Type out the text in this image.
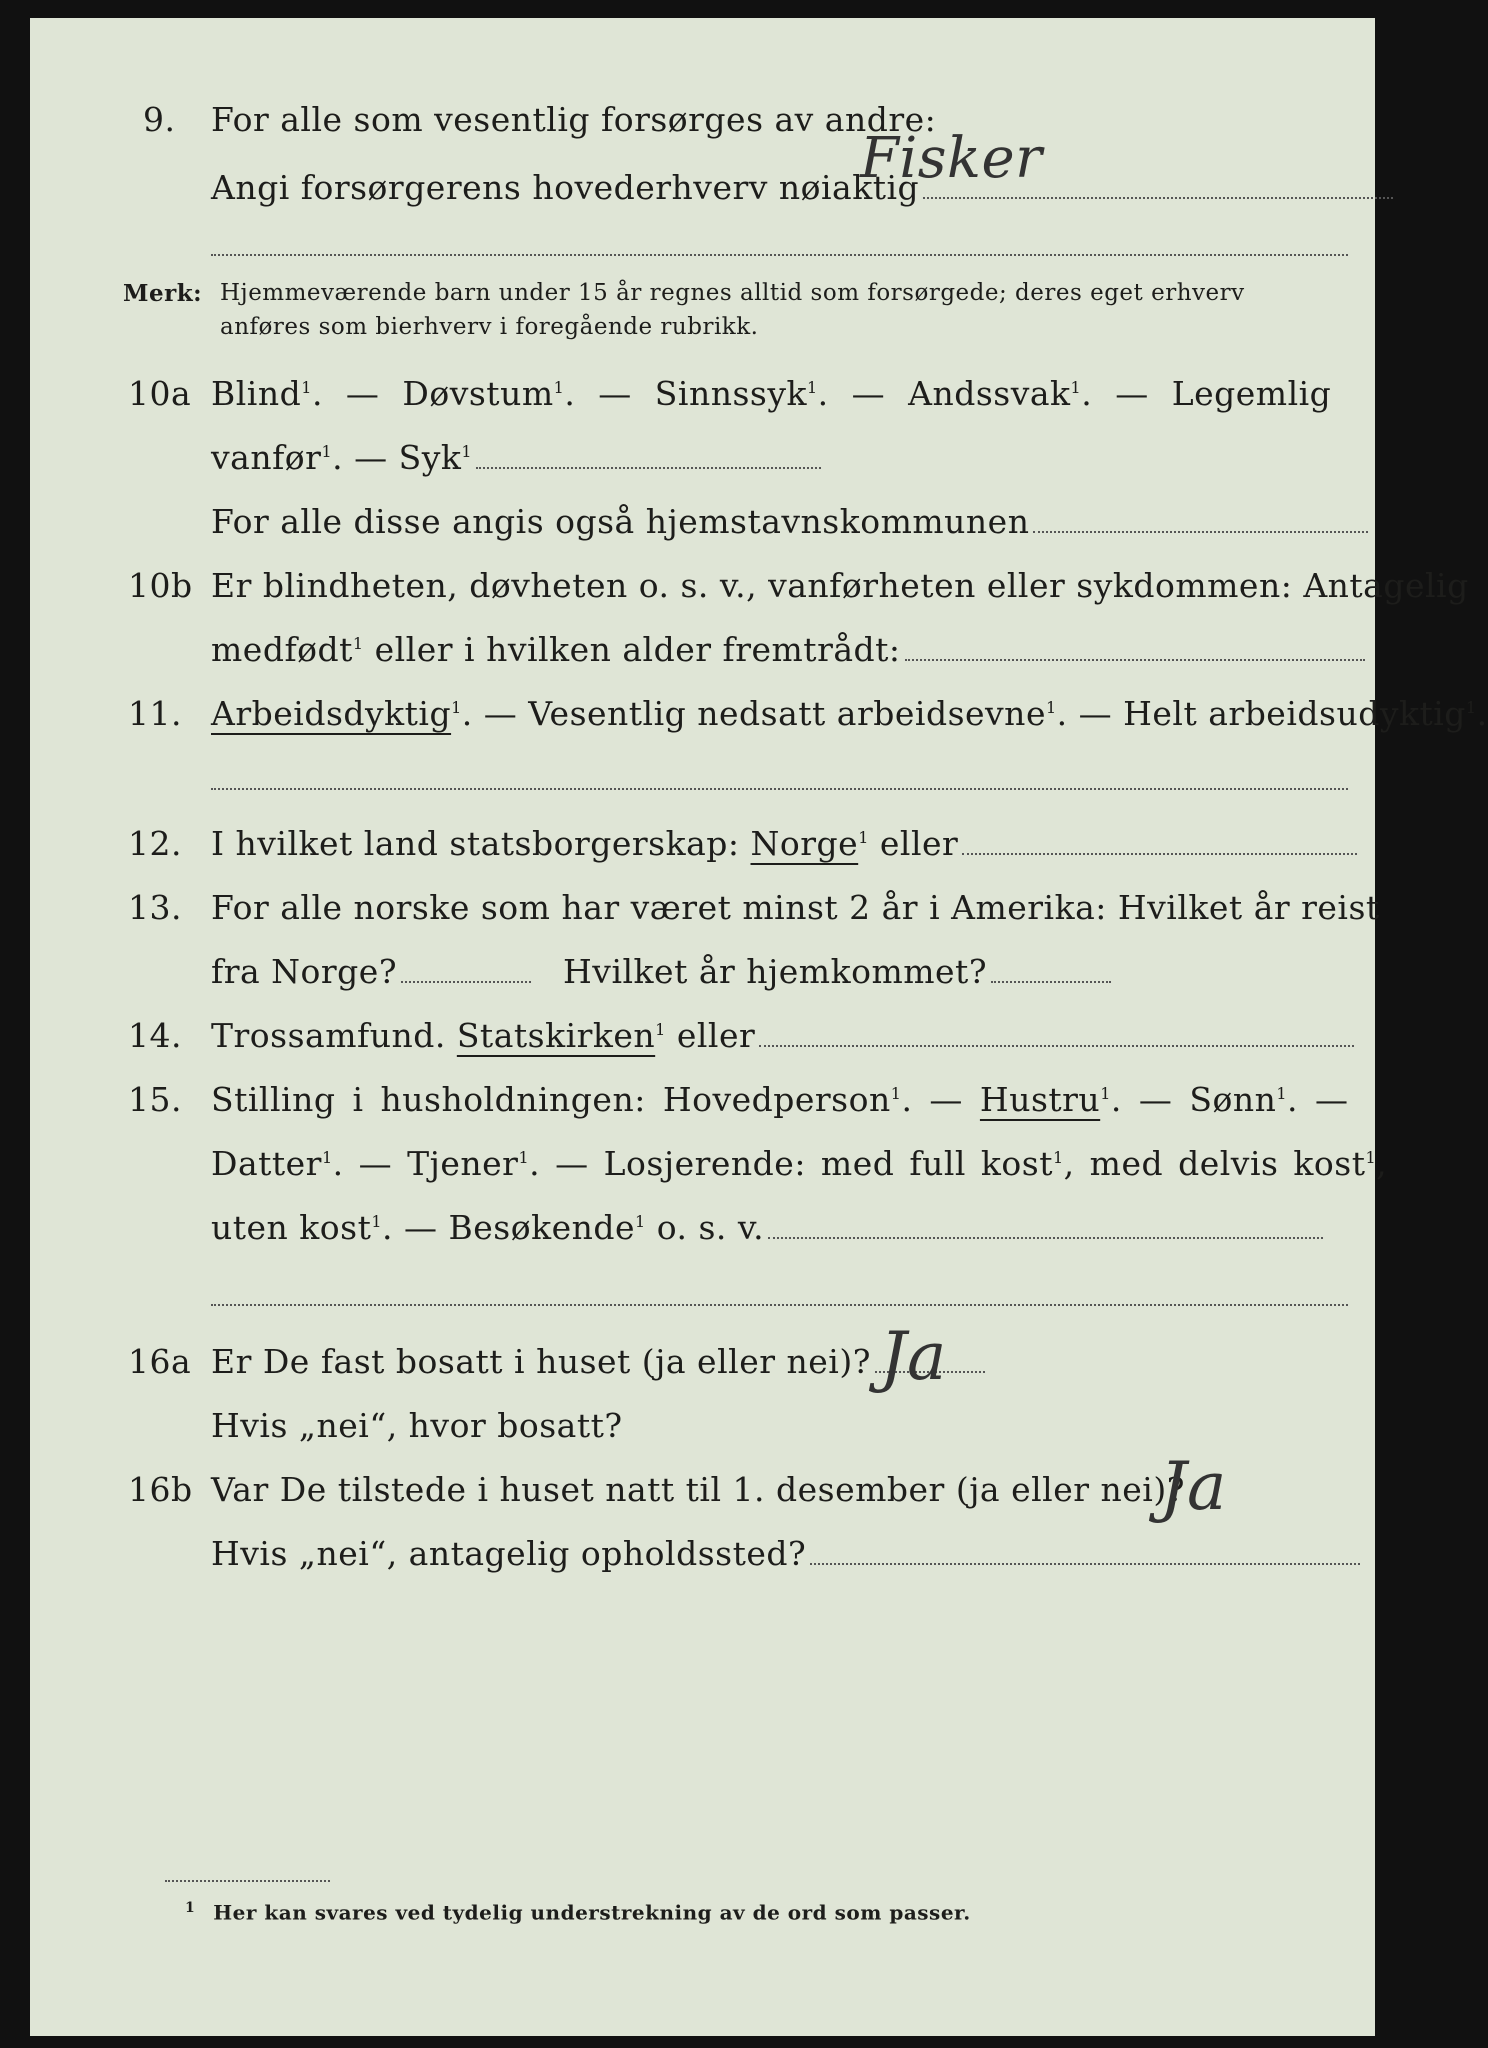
9. For alle som vesentlig forsørges av andre:
Angi forsørgerens hovederhverv nøiaktig
Fisker
Merk: Hjemmeværende barn under 15 år regnes alltid som forsørgede; deres eget erhverv
anføres som bierhverv i foregående rubrikk.
10a Blind$^1$. — Døvstum$^1$. — Sinnssyk$^1$. — Andssvak$^1$. — Legemlig
vanfør$^1$. — Syk$^1$
For alle disse angis også hjemstavnskommunen
10b Er blindheten, døvheten o. s. v., vanførheten eller sykdommen: Antagelig
medfødt$^1$ eller i hvilken alder fremtrådt:
11. Arbeidsdyktig$^1$. — Vesentlig nedsatt arbeidsevne$^1$. — Helt arbeidsudyktig$^1$.
12. I hvilket land statsborgerskap: Norge$^1$ eller
13. For alle norske som har været minst 2 år i Amerika: Hvilket år reist
fra Norge?	Hvilket år hjemkommet?
14. Trossamfund. Statskirken$^1$ eller
15. Stilling i husholdningen: Hovedperson$^1$. — Hustru$^1$. — Sønn$^1$. —
Datter$^1$. — Tjener$^1$. — Losjerende: med full kost$^1$, med delvis kost$^1$,
uten kost$^1$. — Besøkende$^1$ o. s. v.
16a Er De fast bosatt i huset (ja eller nei)? Ja
Hvis „nei“, hvor bosatt?
16b Var De tilstede i huset natt til 1. desember (ja eller nei)?
Ja
Hvis „nei“, antagelig opholdssted?
$^1$ Her kan svares ved tydelig understrekning av de ord som passer.
